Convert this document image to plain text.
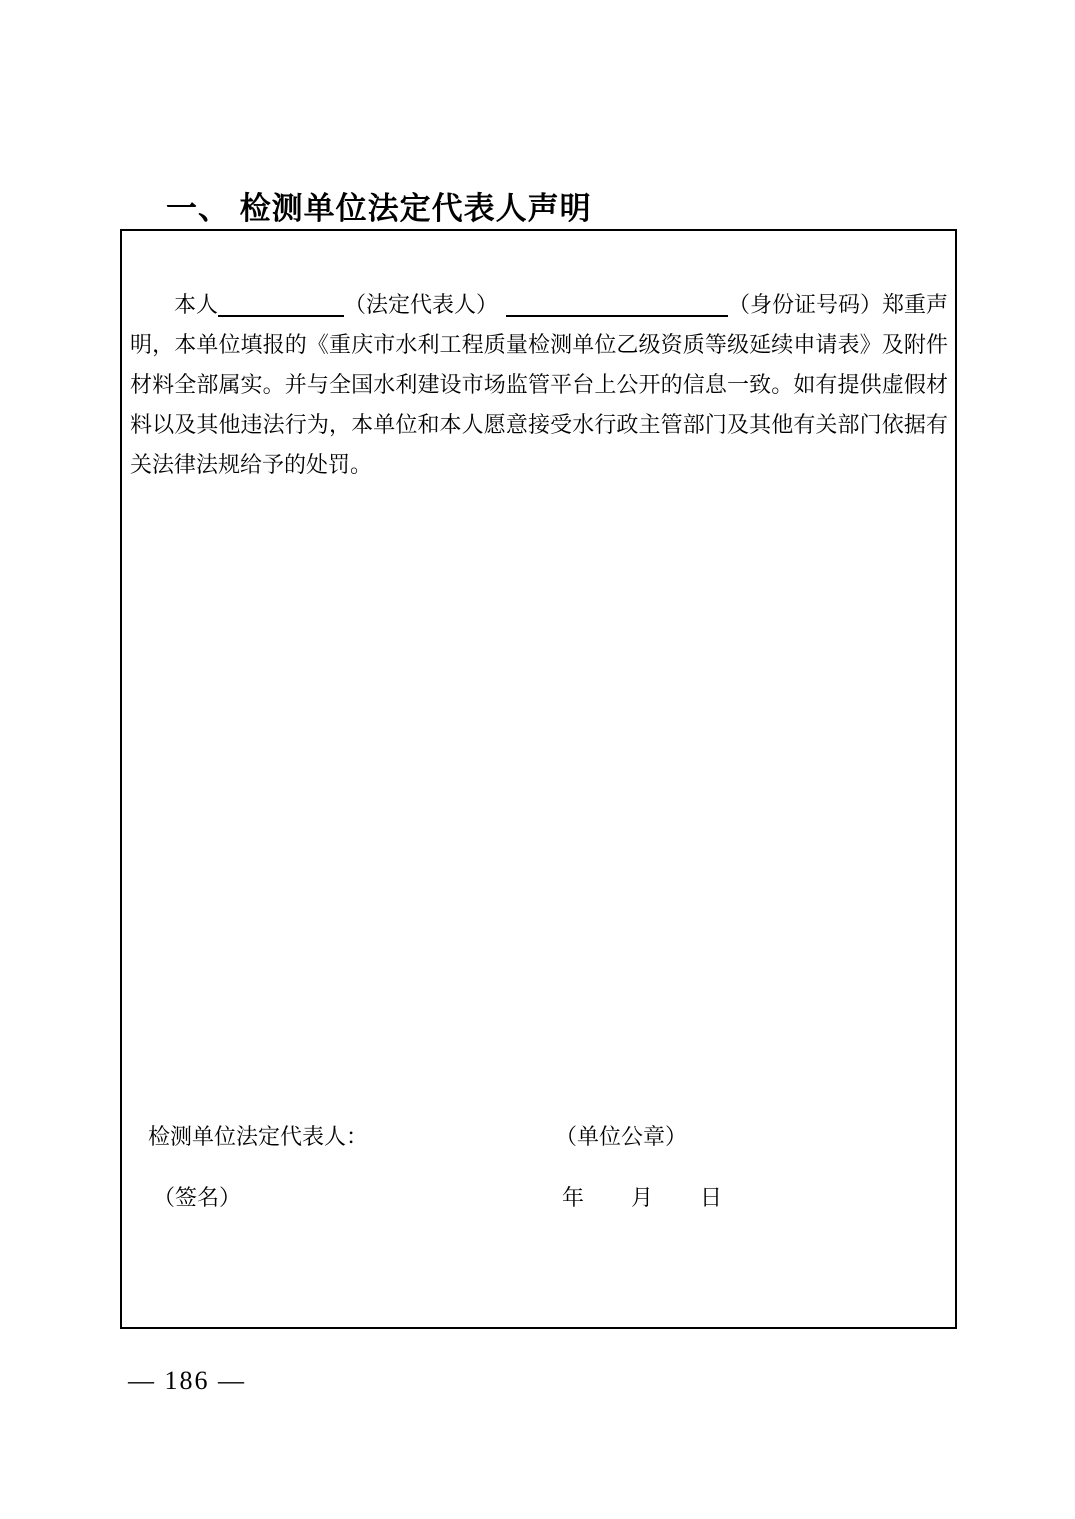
一、 检测单位法定代表人声明
本人	（法定代表人）	（身份证号码）郑重声
明，本单位填报的《重庆市水利工程质量检测单位乙级资质等级延续申请表》及附件
材料全部属实。并与全国水利建设市场监管平台上公开的信息一致。如有提供虚假材
料以及其他违法行为，本单位和本人愿意接受水行政主管部门及其他有关部门依据有
关法律法规给予的处罚。
检测单位法定代表人：	（单位公章）
（签名）	年 月 日
— 186 —
